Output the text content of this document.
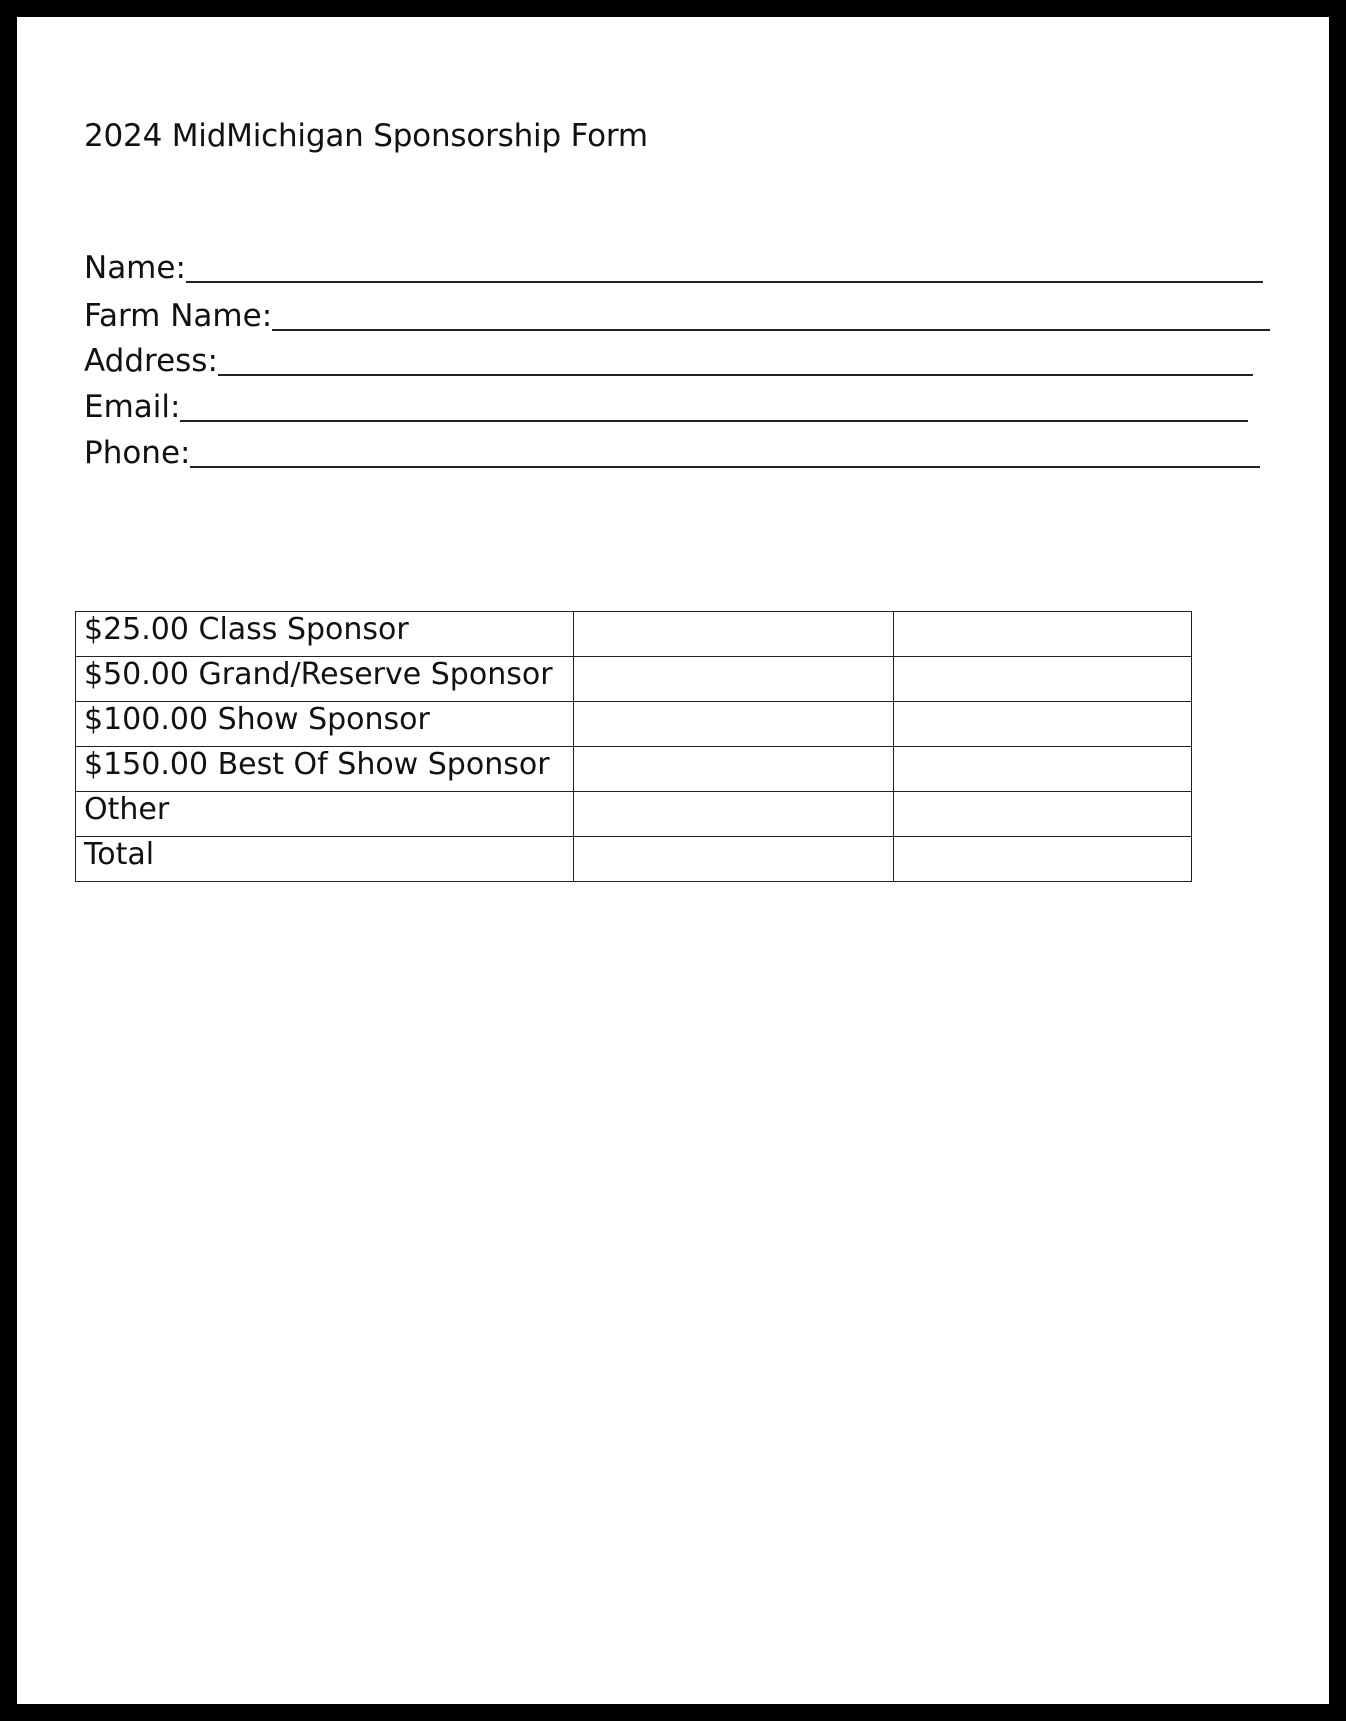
2024 MidMichigan Sponsorship Form
Name:
Farm Name:
Address:
Email:
Phone:
$25.00 Class Sponsor		
$50.00 Grand/Reserve Sponsor		
$100.00 Show Sponsor		
$150.00 Best Of Show Sponsor		
Other		
Total		
